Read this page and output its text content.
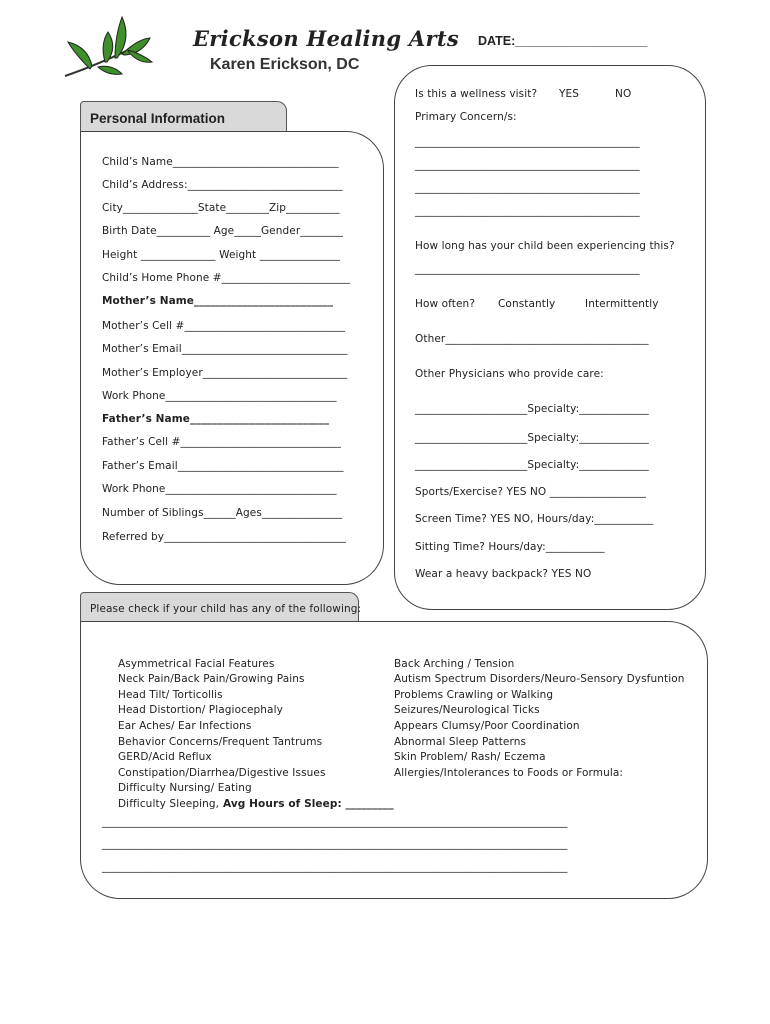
Erickson Healing Arts
Karen Erickson, DC
DATE:___________________
Personal Information
Child’s Name_______________________________
Child’s Address:_____________________________
City______________State________Zip__________
Birth Date__________ Age_____Gender________
Height ______________ Weight _______________
Child’s Home Phone #________________________
Mother’s Name__________________________
Mother’s Cell #______________________________
Mother’s Email_______________________________
Mother’s Employer___________________________
Work Phone________________________________
Father’s Name__________________________
Father’s Cell #______________________________
Father’s Email_______________________________
Work Phone________________________________
Number of Siblings______Ages_______________
Referred by__________________________________
Is this a wellness visit? YES	NO
Primary Concern/s:
__________________________________________
__________________________________________
__________________________________________
__________________________________________
How long has your child been experiencing this?
__________________________________________
How often? Constantly	Intermittently
Other______________________________________
Other Physicians who provide care:
_____________________Specialty:_____________
_____________________Specialty:_____________
_____________________Specialty:_____________
Sports/Exercise? YES NO __________________
Screen Time? YES NO, Hours/day:___________
Sitting Time? Hours/day:___________
Wear a heavy backpack? YES NO
Please check if your child has any of the following:
Asymmetrical Facial Features
Neck Pain/Back Pain/Growing Pains
Head Tilt/ Torticollis
Head Distortion/ Plagiocephaly
Ear Aches/ Ear Infections
Behavior Concerns/Frequent Tantrums
GERD/Acid Reflux
Constipation/Diarrhea/Digestive Issues
Difficulty Nursing/ Eating
Difficulty Sleeping,
Back Arching / Tension
Autism Spectrum Disorders/Neuro-Sensory Dysfuntion
Problems Crawling or Walking
Seizures/Neurological Ticks
Appears Clumsy/Poor Coordination
Abnormal Sleep Patterns
Skin Problem/ Rash/ Eczema
Allergies/Intolerances to Foods or Formula:
Avg Hours of Sleep: _________
_______________________________________________________________________________________
_______________________________________________________________________________________
_______________________________________________________________________________________
